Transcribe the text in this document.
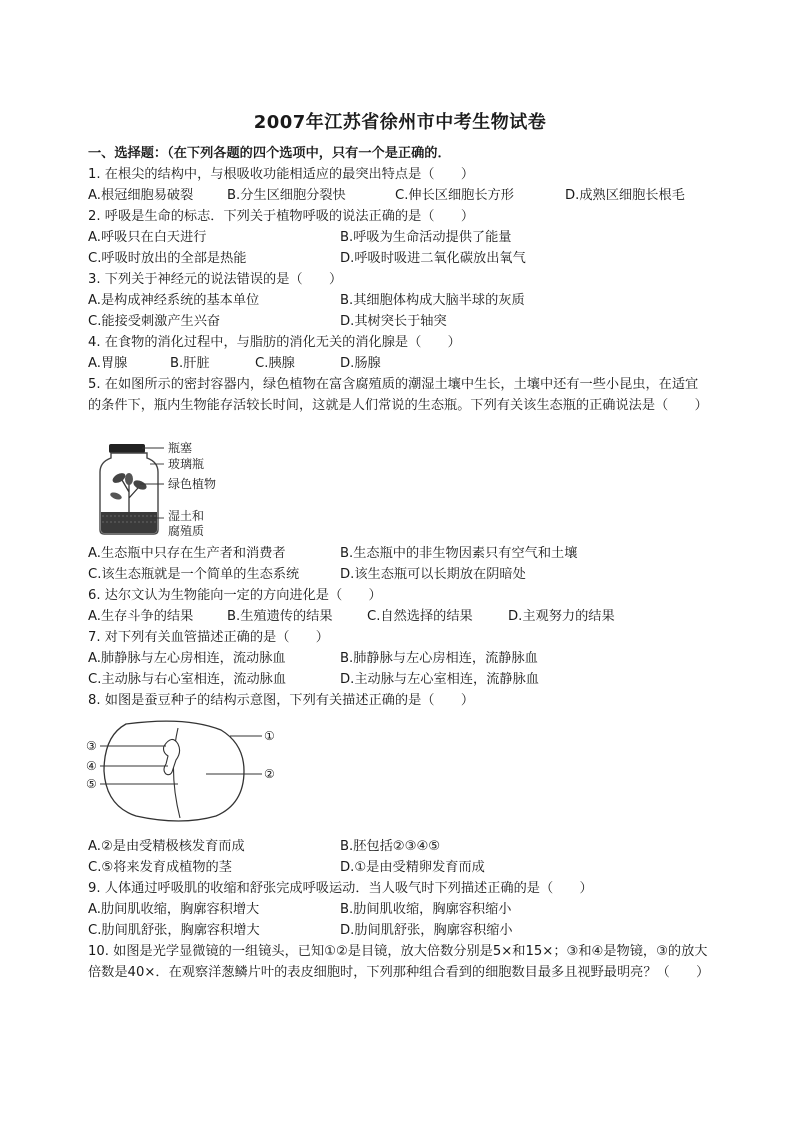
2007年江苏省徐州市中考生物试卷
一、选择题：（在下列各题的四个选项中，只有一个是正确的．
1. 在根尖的结构中，与根吸收功能相适应的最突出特点是（　　）
A.根冠细胞易破裂	B.分生区细胞分裂快	C.伸长区细胞长方形	D.成熟区细胞长根毛
2. 呼吸是生命的标志．下列关于植物呼吸的说法正确的是（　　）
A.呼吸只在白天进行	B.呼吸为生命活动提供了能量
C.呼吸时放出的全部是热能	D.呼吸时吸进二氧化碳放出氧气
3. 下列关于神经元的说法错误的是（　　）
A.是构成神经系统的基本单位	B.其细胞体构成大脑半球的灰质
C.能接受刺激产生兴奋	D.其树突长于轴突
4. 在食物的消化过程中，与脂肪的消化无关的消化腺是（　　）
A.胃腺	B.肝脏	C.胰腺	D.肠腺
5. 在如图所示的密封容器内，绿色植物在富含腐殖质的潮湿土壤中生长，土壤中还有一些小昆虫，在适宜的条件下，瓶内生物能存活较长时间，这就是人们常说的生态瓶。下列有关该生态瓶的正确说法是（　　）
瓶塞
玻璃瓶
绿色植物
湿土和
腐殖质
A.生态瓶中只存在生产者和消费者	B.生态瓶中的非生物因素只有空气和土壤
C.该生态瓶就是一个简单的生态系统	D.该生态瓶可以长期放在阴暗处
6. 达尔文认为生物能向一定的方向进化是（　　）
A.生存斗争的结果	B.生殖遗传的结果	C.自然选择的结果	D.主观努力的结果
7. 对下列有关血管描述正确的是（　　）
A.肺静脉与左心房相连，流动脉血	B.肺静脉与左心房相连，流静脉血
C.主动脉与右心室相连，流动脉血	D.主动脉与左心室相连，流静脉血
8. 如图是蚕豆种子的结构示意图，下列有关描述正确的是（　　）
③
④
⑤
①
②
A.②是由受精极核发育而成	B.胚包括②③④⑤
C.⑤将来发育成植物的茎	D.①是由受精卵发育而成
9. 人体通过呼吸肌的收缩和舒张完成呼吸运动．当人吸气时下列描述正确的是（　　）
A.肋间肌收缩，胸廓容积增大	B.肋间肌收缩，胸廓容积缩小
C.肋间肌舒张，胸廓容积增大	D.肋间肌舒张，胸廓容积缩小
10. 如图是光学显微镜的一组镜头，已知①②是目镜，放大倍数分别是5×和15×；③和④是物镜，③的放大倍数是40×．在观察洋葱鳞片叶的表皮细胞时，下列那种组合看到的细胞数目最多且视野最明亮？（　　）
